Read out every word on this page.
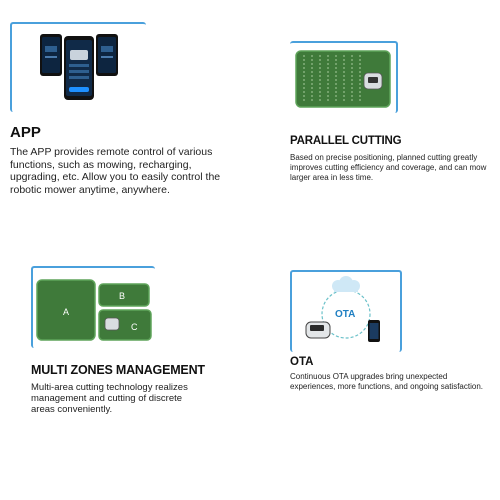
APP

The APP provides remote control of various functions, such as mowing, recharging, upgrading, etc. Allow you to easily control the robotic mower anytime, anywhere.

PARALLEL CUTTING

Based on precise positioning, planned cutting greatly improves cutting efficiency and coverage, and can mow larger area in less time.

A
B
C
MULTI ZONES MANAGEMENT

Multi-area cutting technology realizes management and cutting of discrete areas conveniently.

OTA
OTA

Continuous OTA upgrades bring unexpected experiences, more functions, and ongoing satisfaction.
